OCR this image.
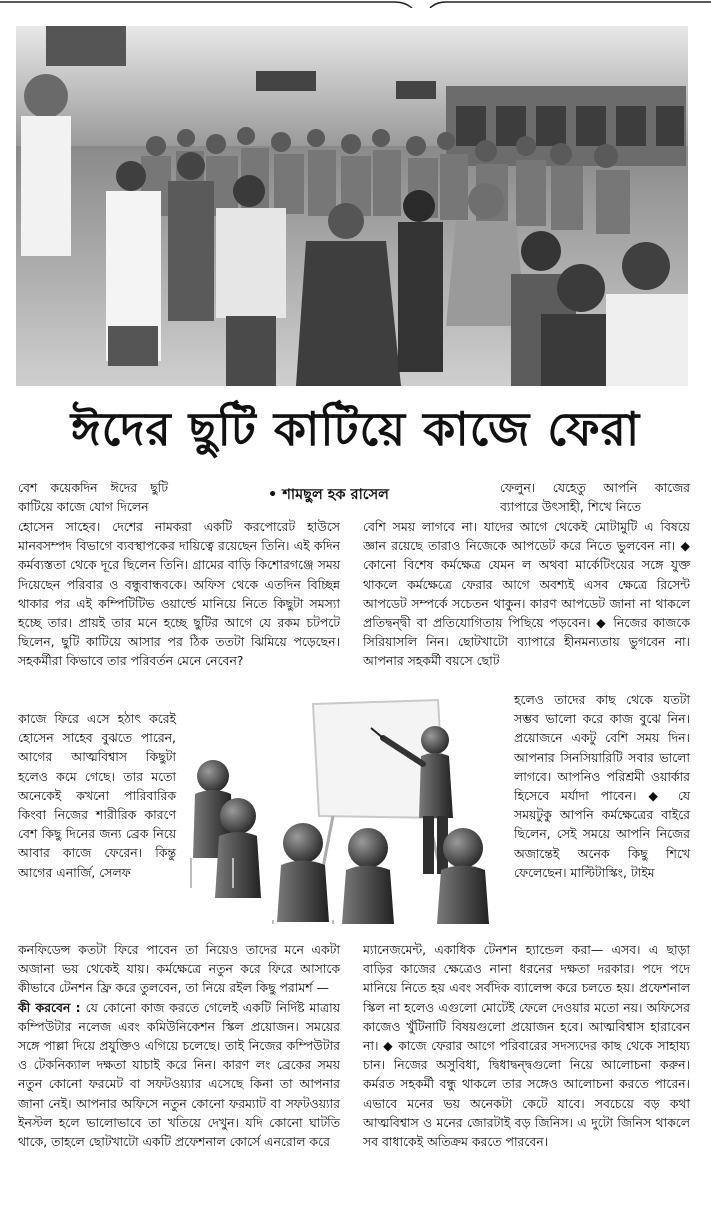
ঈদের ছুটি কাটিয়ে কাজে ফেরা
• শামছুল হক রাসেল
বেশ কয়েকদিন ঈদের ছুটি কাটিয়ে কাজে যোগ দিলেন
হোসেন সাহেব। দেশের নামকরা একটি করপোরেট হাউসে মানবসম্পদ বিভাগে ব্যবস্থাপকের দায়িত্বে রয়েছেন তিনি। এই কদিন কর্মব্যস্ততা থেকে দূরে ছিলেন তিনি। গ্রামের বাড়ি কিশোরগঞ্জে সময় দিয়েছেন পরিবার ও বন্ধুবান্ধবকে। অফিস থেকে এতদিন বিচ্ছিন্ন থাকার পর এই কম্পিটিটিভ ওয়ার্ল্ডে মানিয়ে নিতে কিছুটা সমস্যা হচ্ছে তার। প্রায়ই তার মনে হচ্ছে ছুটির আগে যে রকম চটপটে ছিলেন, ছুটি কাটিয়ে আসার পর ঠিক ততটা ঝিমিয়ে পড়েছেন। সহকর্মীরা কিভাবে তার পরিবর্তন মেনে নেবেন?
কাজে ফিরে এসে হঠাৎ করেই হোসেন সাহেব বুঝতে পারেন, আগের আত্মবিশ্বাস কিছুটা হলেও কমে গেছে। তার মতো অনেকেই কখনো পারিবারিক কিংবা নিজের শারীরিক কারণে বেশ কিছু দিনের জন্য ব্রেক নিয়ে আবার কাজে ফেরেন। কিন্তু আগের এনার্জি, সেলফ

কনফিডেন্স কতটা ফিরে পাবেন তা নিয়েও তাদের মনে একটা অজানা ভয় থেকেই যায়। কর্মক্ষেত্রে নতুন করে ফিরে আসাকে কীভাবে টেনশন ফ্রি করে তুলবেন, তা নিয়ে রইল কিছু পরামর্শ —

কী করবেন : যে কোনো কাজ করতে গেলেই একটি নির্দিষ্ট মাত্রায় কম্পিউটার নলেজ এবং কমিউনিকেশন স্কিল প্রয়োজন। সময়ের সঙ্গে পাল্লা দিয়ে প্রযুক্তিও এগিয়ে চলেছে। তাই নিজের কম্পিউটার ও টেকনিক্যাল দক্ষতা যাচাই করে নিন। কারণ লং ব্রেকের সময় নতুন কোনো ফরমেট বা সফটওয়্যার এসেছে কিনা তা আপনার জানা নেই। আপনার অফিসে নতুন কোনো ফরম্যাট বা সফটওয়্যার ইনস্টল হলে ভালোভাবে তা খতিয়ে দেখুন। যদি কোনো ঘাটতি থাকে, তাহলে ছোটখাটো একটি প্রফেশনাল কোর্সে এনরোল করে

ফেলুন। যেহেতু আপনি কাজের ব্যাপারে উৎসাহী, শিখে নিতে
বেশি সময় লাগবে না। যাদের আগে থেকেই মোটামুটি এ বিষয়ে জ্ঞান রয়েছে তারাও নিজেকে আপডেট করে নিতে ভুলবেন না। ◆ কোনো বিশেষ কর্মক্ষেত্র যেমন ল অথবা মার্কেটিংয়ের সঙ্গে যুক্ত থাকলে কর্মক্ষেত্রে ফেরার আগে অবশ্যই এসব ক্ষেত্রে রিসেন্ট আপডেট সম্পর্কে সচেতন থাকুন। কারণ আপডেট জানা না থাকলে প্রতিদ্বন্দ্বী বা প্রতিযোগিতায় পিছিয়ে পড়বেন। ◆ নিজের কাজকে সিরিয়াসলি নিন। ছোটখাটো ব্যাপারে হীনমন্যতায় ভুগবেন না। আপনার সহকর্মী বয়সে ছোট
হলেও তাদের কাছ থেকে যতটা সম্ভব ভালো করে কাজ বুঝে নিন। প্রয়োজনে একটু বেশি সময় দিন। আপনার সিনসিয়ারিটি সবার ভালো লাগবে। আপনিও পরিশ্রমী ওয়ার্কার হিসেবে মর্যাদা পাবেন। ◆ যে সময়টুকু আপনি কর্মক্ষেত্রের বাইরে ছিলেন, সেই সময়ে আপনি নিজের অজান্তেই অনেক কিছু শিখে ফেলেছেন। মাল্টিটাস্কিং, টাইম
ম্যানেজমেন্ট, একাধিক টেনশন হ্যান্ডেল করা— এসব। এ ছাড়া বাড়ির কাজের ক্ষেত্রেও নানা ধরনের দক্ষতা দরকার। পদে পদে মানিয়ে নিতে হয় এবং সর্বদিক ব্যালেন্স করে চলতে হয়। প্রফেশনাল স্কিল না হলেও এগুলো মোটেই ফেলে দেওয়ার মতো নয়। অফিসের কাজেও খুঁটিনাটি বিষয়গুলো প্রয়োজন হবে। আত্মবিশ্বাস হারাবেন না। ◆ কাজে ফেরার আগে পরিবারের সদস্যদের কাছ থেকে সাহায্য চান। নিজের অসুবিধা, দ্বিধাদ্বন্দ্বগুলো নিয়ে আলোচনা করুন। কর্মরত সহকর্মী বন্ধু থাকলে তার সঙ্গেও আলোচনা করতে পারেন। এভাবে মনের ভয় অনেকটা কেটে যাবে। সবচেয়ে বড় কথা আত্মবিশ্বাস ও মনের জোরটাই বড় জিনিস। এ দুটো জিনিস থাকলে সব বাধাকেই অতিক্রম করতে পারবেন।
